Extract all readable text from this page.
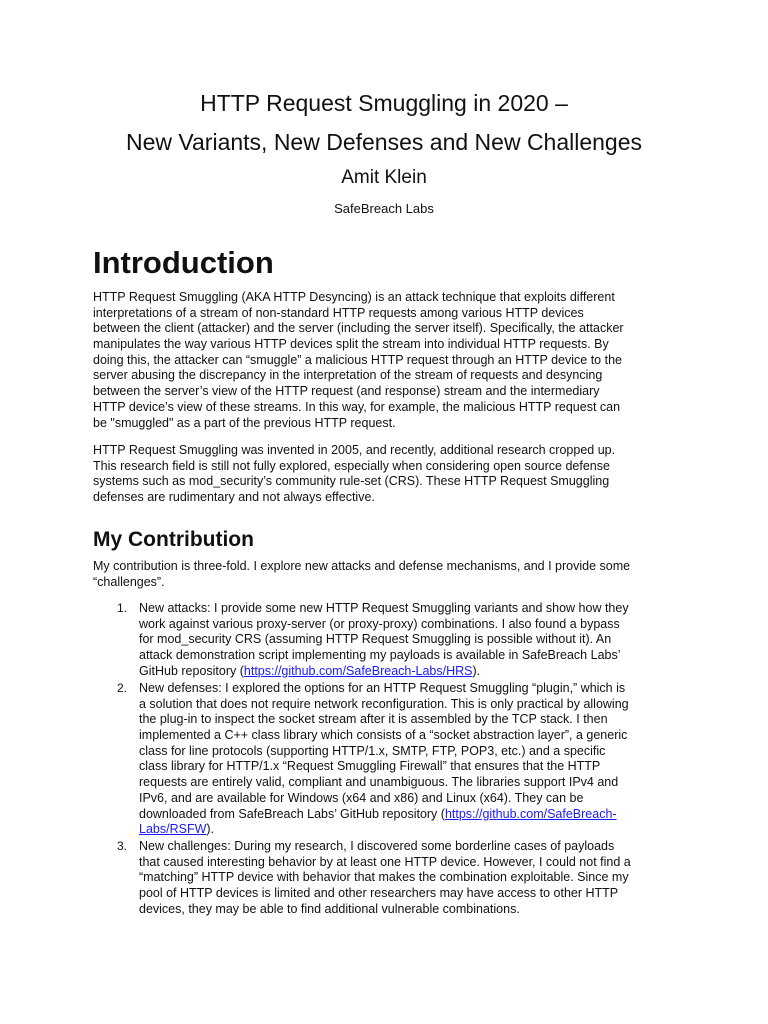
HTTP Request Smuggling in 2020 –
New Variants, New Defenses and New Challenges
Amit Klein
SafeBreach Labs
Introduction
HTTP Request Smuggling (AKA HTTP Desyncing) is an attack technique that exploits different
interpretations of a stream of non-standard HTTP requests among various HTTP devices
between the client (attacker) and the server (including the server itself). Specifically, the attacker
manipulates the way various HTTP devices split the stream into individual HTTP requests. By
doing this, the attacker can “smuggle” a malicious HTTP request through an HTTP device to the
server abusing the discrepancy in the interpretation of the stream of requests and desyncing
between the server’s view of the HTTP request (and response) stream and the intermediary
HTTP device’s view of these streams. In this way, for example, the malicious HTTP request can
be "smuggled" as a part of the previous HTTP request.
HTTP Request Smuggling was invented in 2005, and recently, additional research cropped up.
This research field is still not fully explored, especially when considering open source defense
systems such as mod_security’s community rule-set (CRS). These HTTP Request Smuggling
defenses are rudimentary and not always effective.
My Contribution
My contribution is three-fold. I explore new attacks and defense mechanisms, and I provide some
“challenges”.
1. New attacks: I provide some new HTTP Request Smuggling variants and show how they
work against various proxy-server (or proxy-proxy) combinations. I also found a bypass
for mod_security CRS (assuming HTTP Request Smuggling is possible without it). An
attack demonstration script implementing my payloads is available in SafeBreach Labs’
GitHub repository (https://github.com/SafeBreach-Labs/HRS).
2. New defenses: I explored the options for an HTTP Request Smuggling “plugin,” which is
a solution that does not require network reconfiguration. This is only practical by allowing
the plug-in to inspect the socket stream after it is assembled by the TCP stack. I then
implemented a C++ class library which consists of a “socket abstraction layer”, a generic
class for line protocols (supporting HTTP/1.x, SMTP, FTP, POP3, etc.) and a specific
class library for HTTP/1.x “Request Smuggling Firewall” that ensures that the HTTP
requests are entirely valid, compliant and unambiguous. The libraries support IPv4 and
IPv6, and are available for Windows (x64 and x86) and Linux (x64). They can be
downloaded from SafeBreach Labs’ GitHub repository (https://github.com/SafeBreach-
Labs/RSFW).
3. New challenges: During my research, I discovered some borderline cases of payloads
that caused interesting behavior by at least one HTTP device. However, I could not find a
“matching” HTTP device with behavior that makes the combination exploitable. Since my
pool of HTTP devices is limited and other researchers may have access to other HTTP
devices, they may be able to find additional vulnerable combinations.
